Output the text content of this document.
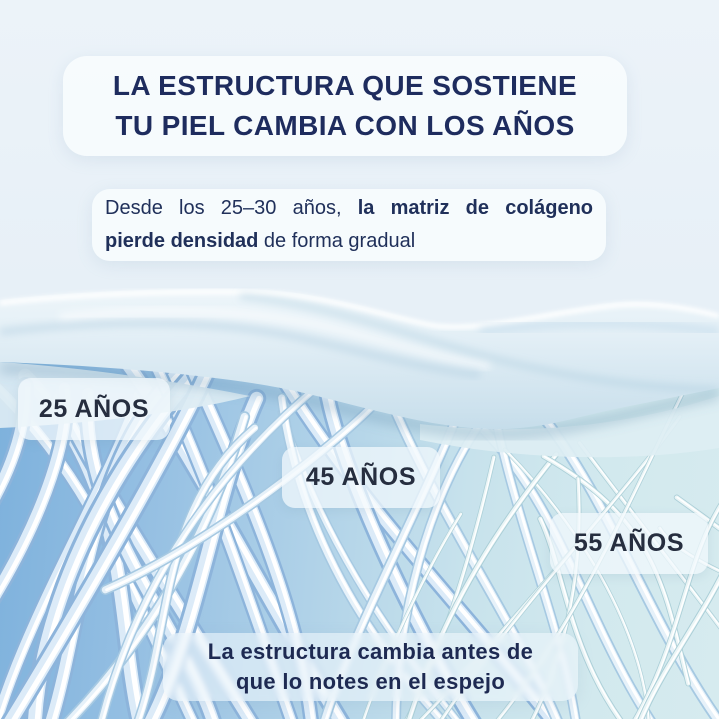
LA ESTRUCTURA QUE SOSTIENE
TU PIEL CAMBIA CON LOS AÑOS
Desde los 25–30 años, la matriz de colágeno
pierde densidad de forma gradual
25 AÑOS
45 AÑOS
55 AÑOS
La estructura cambia antes de
que lo notes en el espejo
